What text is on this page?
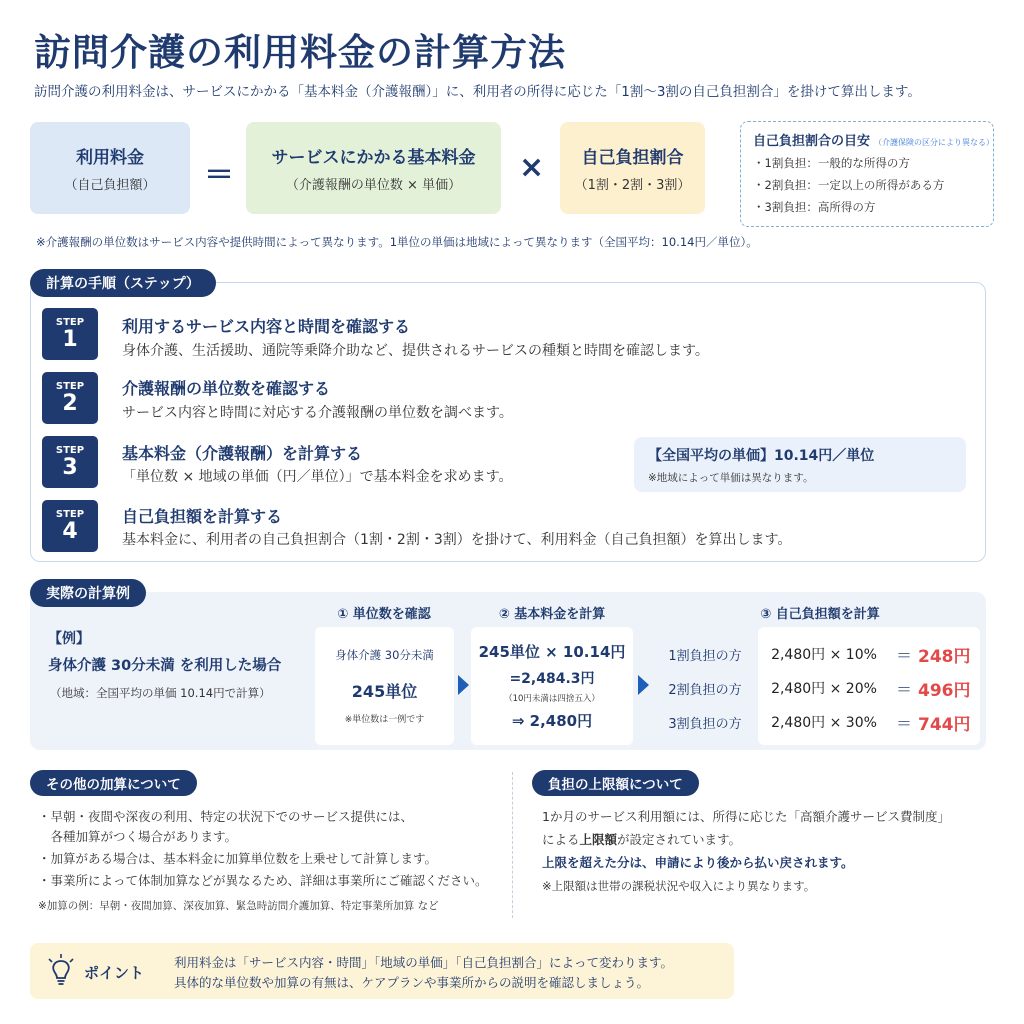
訪問介護の利用料金の計算方法
訪問介護の利用料金は、サービスにかかる「基本料金（介護報酬）」に、利用者の所得に応じた「1割〜3割の自己負担割合」を掛けて算出します。
利用料金
（自己負担額） ＝ サービスにかかる基本料金
（介護報酬の単位数 × 単価）
× 自己負担割合
（1割・2割・3割）
自己負担割合の目安 （介護保険の区分により異なる）
・1割負担：一般的な所得の方
・2割負担：一定以上の所得がある方
・3割負担：高所得の方
※介護報酬の単位数はサービス内容や提供時間によって異なります。1単位の単価は地域によって異なります（全国平均：10.14円／単位）。
計算の手順（ステップ）
STEP
1	利用するサービス内容と時間を確認する
身体介護、生活援助、通院等乗降介助など、提供されるサービスの種類と時間を確認します。
STEP
2
介護報酬の単位数を確認する
サービス内容と時間に対応する介護報酬の単位数を調べます。
STEP
3
基本料金（介護報酬）を計算する
「単位数 × 地域の単価（円／単位）」で基本料金を求めます。
【全国平均の単価】10.14円／単位
※地域によって単価は異なります。
STEP
4
自己負担額を計算する
基本料金に、利用者の自己負担割合（1割・2割・3割）を掛けて、利用料金（自己負担額）を算出します。
実際の計算例
【例】
身体介護 30分未満 を利用した場合
（地域：全国平均の単価 10.14円で計算）
① 単位数を確認	② 基本料金を計算	③ 自己負担額を計算
身体介護 30分未満
245単位
※単位数は一例です
245単位 × 10.14円
=2,484.3円
（10円未満は四捨五入）
⇒ 2,480円
1割負担の方	2,480円 × 10%	＝ 248円
2割負担の方	2,480円 × 20%	＝ 496円
3割負担の方	2,480円 × 30%	＝ 744円
その他の加算について
・早朝・夜間や深夜の利用、特定の状況下でのサービス提供には、
　各種加算がつく場合があります。
・加算がある場合は、基本料金に加算単位数を上乗せして計算します。
・事業所によって体制加算などが異なるため、詳細は事業所にご確認ください。
※加算の例：早朝・夜間加算、深夜加算、緊急時訪問介護加算、特定事業所加算 など
負担の上限額について
1か月のサービス利用額には、所得に応じた「高額介護サービス費制度」
による上限額が設定されています。
上限を超えた分は、申請により後から払い戻されます。
※上限額は世帯の課税状況や収入により異なります。
ポイント
利用料金は「サービス内容・時間」「地域の単価」「自己負担割合」によって変わります。
具体的な単位数や加算の有無は、ケアプランや事業所からの説明を確認しましょう。
